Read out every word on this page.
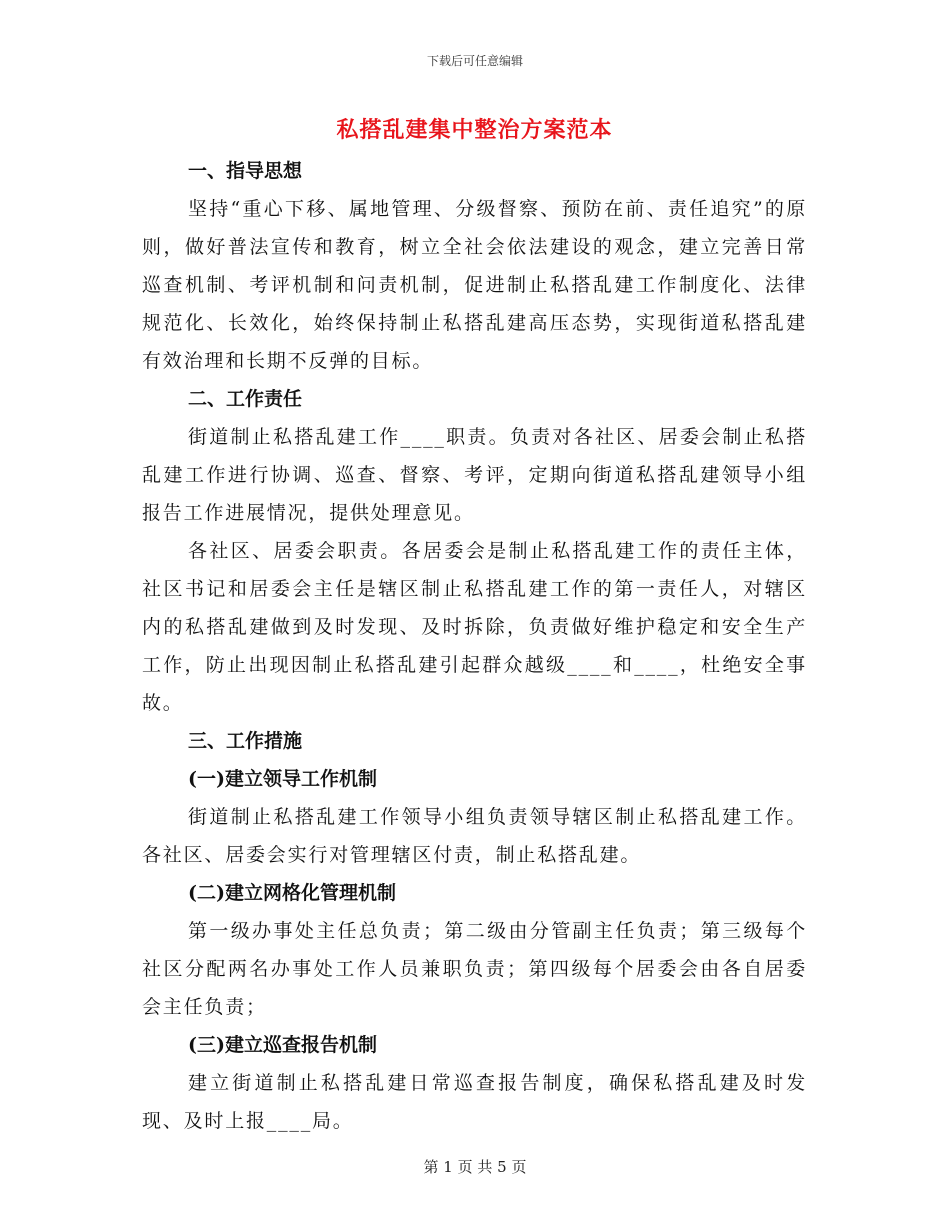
下载后可任意编辑
私搭乱建集中整治方案范本
一、指导思想
坚持“重心下移、属地管理、分级督察、预防在前、责任追究”的原则，做好普法宣传和教育，树立全社会依法建设的观念，建立完善日常巡查机制、考评机制和问责机制，促进制止私搭乱建工作制度化、法律规范化、长效化，始终保持制止私搭乱建高压态势，实现街道私搭乱建有效治理和长期不反弹的目标。
二、工作责任
街道制止私搭乱建工作____职责。负责对各社区、居委会制止私搭乱建工作进行协调、巡查、督察、考评，定期向街道私搭乱建领导小组报告工作进展情况，提供处理意见。
各社区、居委会职责。各居委会是制止私搭乱建工作的责任主体，社区书记和居委会主任是辖区制止私搭乱建工作的第一责任人，对辖区内的私搭乱建做到及时发现、及时拆除，负责做好维护稳定和安全生产工作，防止出现因制止私搭乱建引起群众越级____和____，杜绝安全事故。
三、工作措施
(一)建立领导工作机制
街道制止私搭乱建工作领导小组负责领导辖区制止私搭乱建工作。各社区、居委会实行对管理辖区付责，制止私搭乱建。
(二)建立网格化管理机制
第一级办事处主任总负责；第二级由分管副主任负责；第三级每个社区分配两名办事处工作人员兼职负责；第四级每个居委会由各自居委会主任负责；
(三)建立巡查报告机制
建立街道制止私搭乱建日常巡查报告制度，确保私搭乱建及时发现、及时上报____局。
第 1 页 共 5 页
